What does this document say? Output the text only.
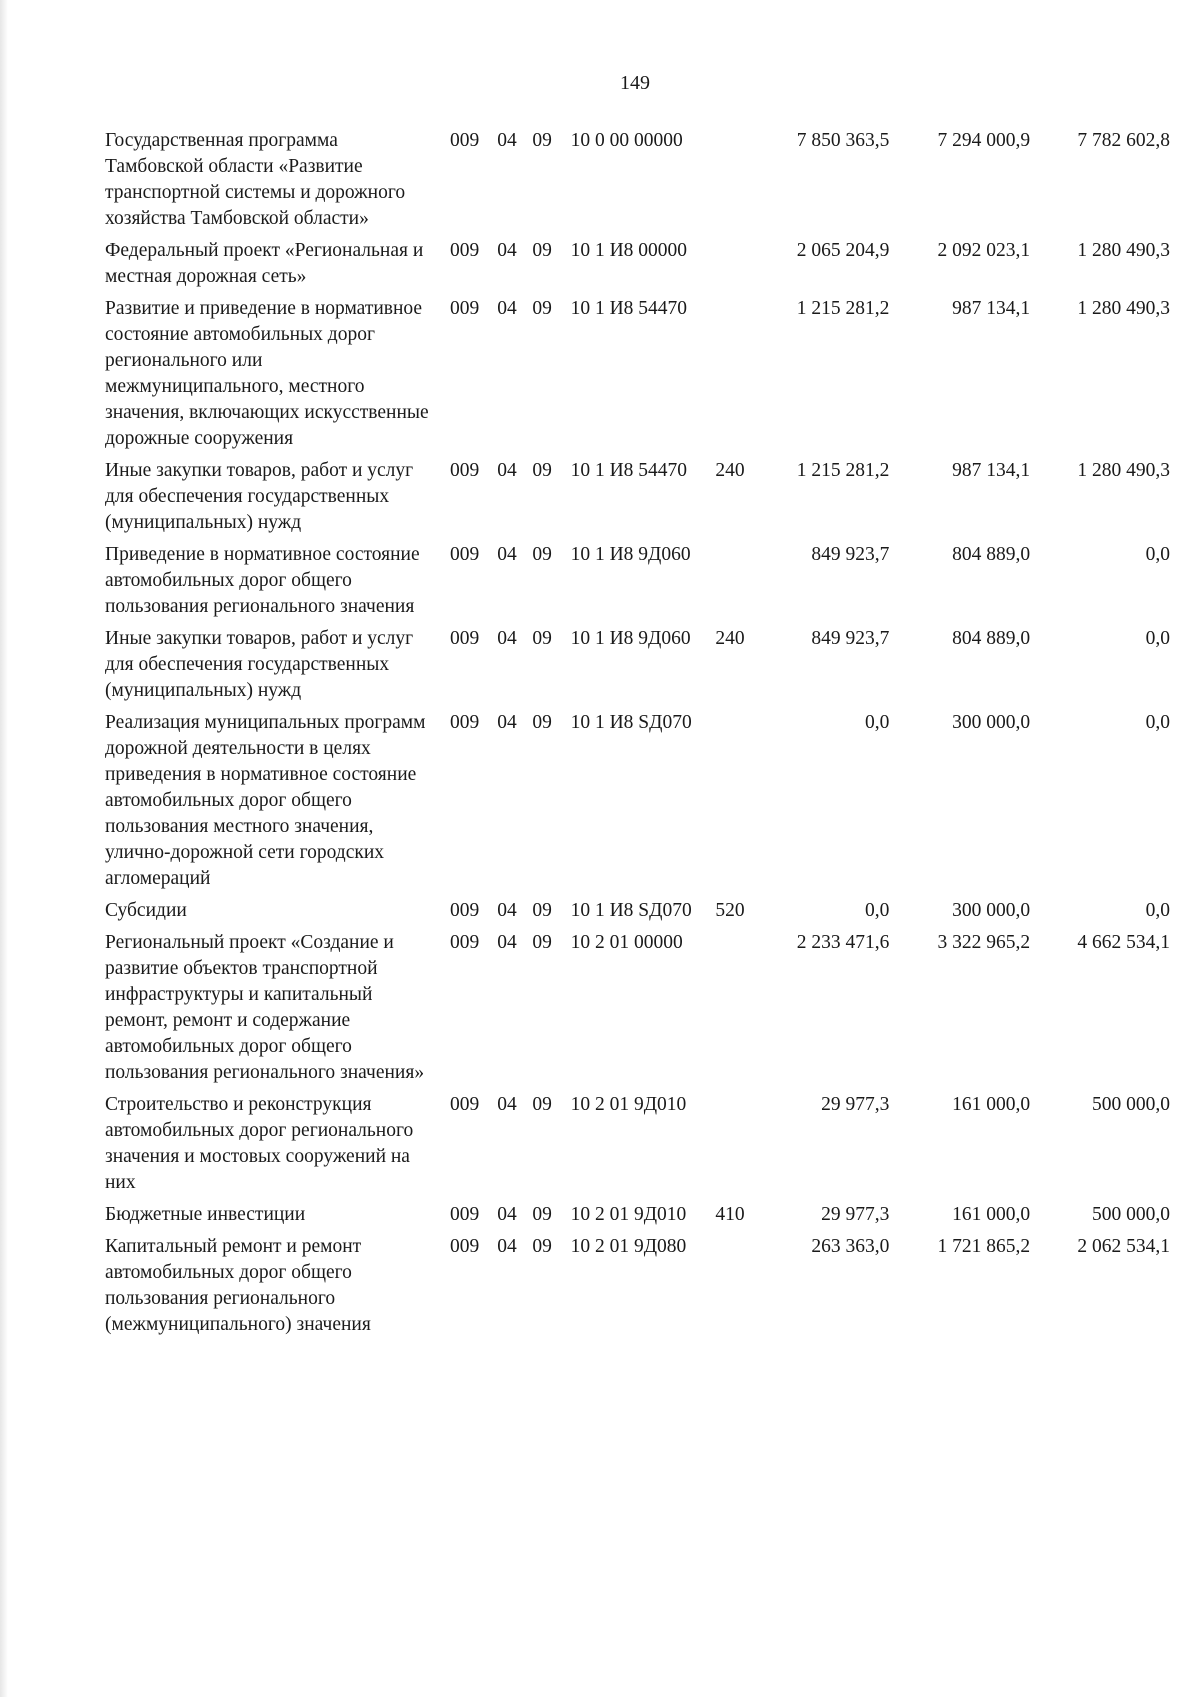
149
Государственная программа Тамбовской области «Развитие транспортной системы и дорожного хозяйства Тамбовской области»	009	04	09	10 0 00 00000		7 850 363,5	7 294 000,9	7 782 602,8
Федеральный проект «Региональная и местная дорожная сеть»	009	04	09	10 1 И8 00000		2 065 204,9	2 092 023,1	1 280 490,3
Развитие и приведение в нормативное состояние автомобильных дорог регионального или межмуниципального, местного значения, включающих искусственные дорожные сооружения	009	04	09	10 1 И8 54470		1 215 281,2	987 134,1	1 280 490,3
Иные закупки товаров, работ и услуг для обеспечения государственных (муниципальных) нужд	009	04	09	10 1 И8 54470	240	1 215 281,2	987 134,1	1 280 490,3
Приведение в нормативное состояние автомобильных дорог общего пользования регионального значения	009	04	09	10 1 И8 9Д060		849 923,7	804 889,0	0,0
Иные закупки товаров, работ и услуг для обеспечения государственных (муниципальных) нужд	009	04	09	10 1 И8 9Д060	240	849 923,7	804 889,0	0,0
Реализация муниципальных программ дорожной деятельности в целях приведения в нормативное состояние автомобильных дорог общего пользования местного значения, улично-дорожной сети городских агломераций	009	04	09	10 1 И8 SД070		0,0	300 000,0	0,0
Субсидии	009	04	09	10 1 И8 SД070	520	0,0	300 000,0	0,0
Региональный проект «Создание и развитие объектов транспортной инфраструктуры и капитальный ремонт, ремонт и содержание автомобильных дорог общего пользования регионального значения»	009	04	09	10 2 01 00000		2 233 471,6	3 322 965,2	4 662 534,1
Строительство и реконструкция автомобильных дорог регионального значения и мостовых сооружений на них	009	04	09	10 2 01 9Д010		29 977,3	161 000,0	500 000,0
Бюджетные инвестиции	009	04	09	10 2 01 9Д010	410	29 977,3	161 000,0	500 000,0
Капитальный ремонт и ремонт автомобильных дорог общего пользования регионального (межмуниципального) значения	009	04	09	10 2 01 9Д080		263 363,0	1 721 865,2	2 062 534,1
